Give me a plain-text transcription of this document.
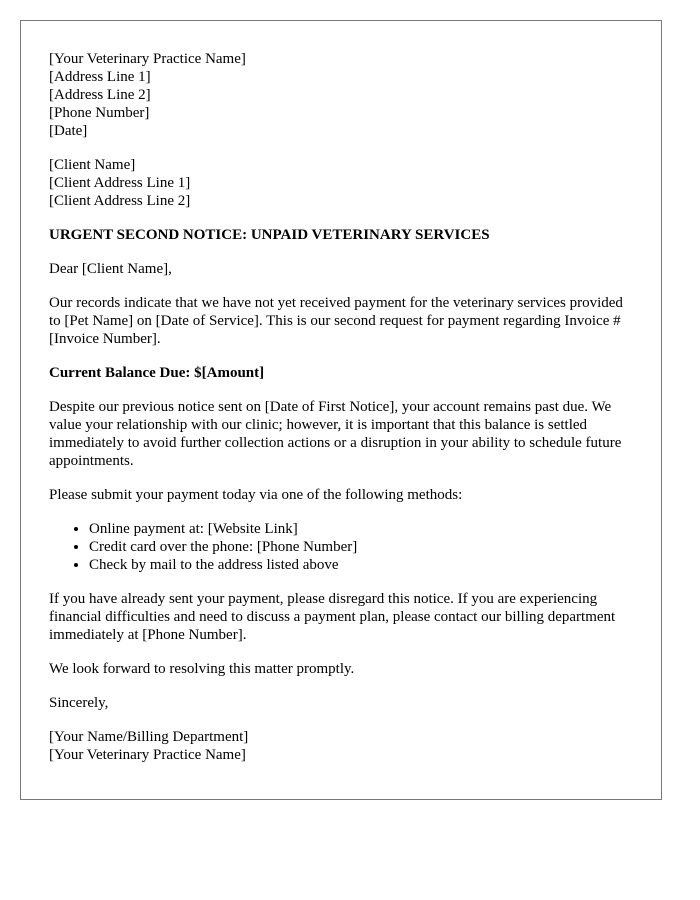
[Your Veterinary Practice Name]
[Address Line 1]
[Address Line 2]
[Phone Number]
[Date]
[Client Name]
[Client Address Line 1]
[Client Address Line 2]
URGENT SECOND NOTICE: UNPAID VETERINARY SERVICES

Dear [Client Name],

Our records indicate that we have not yet received payment for the veterinary services provided to [Pet Name] on [Date of Service]. This is our second request for payment regarding Invoice #[Invoice Number].

Current Balance Due: $[Amount]

Despite our previous notice sent on [Date of First Notice], your account remains past due. We value your relationship with our clinic; however, it is important that this balance is settled immediately to avoid further collection actions or a disruption in your ability to schedule future appointments.

Please submit your payment today via one of the following methods:

• Online payment at: [Website Link]
• Credit card over the phone: [Phone Number]
• Check by mail to the address listed above

If you have already sent your payment, please disregard this notice. If you are experiencing financial difficulties and need to discuss a payment plan, please contact our billing department immediately at [Phone Number].

We look forward to resolving this matter promptly.

Sincerely,

[Your Name/Billing Department]
[Your Veterinary Practice Name]
